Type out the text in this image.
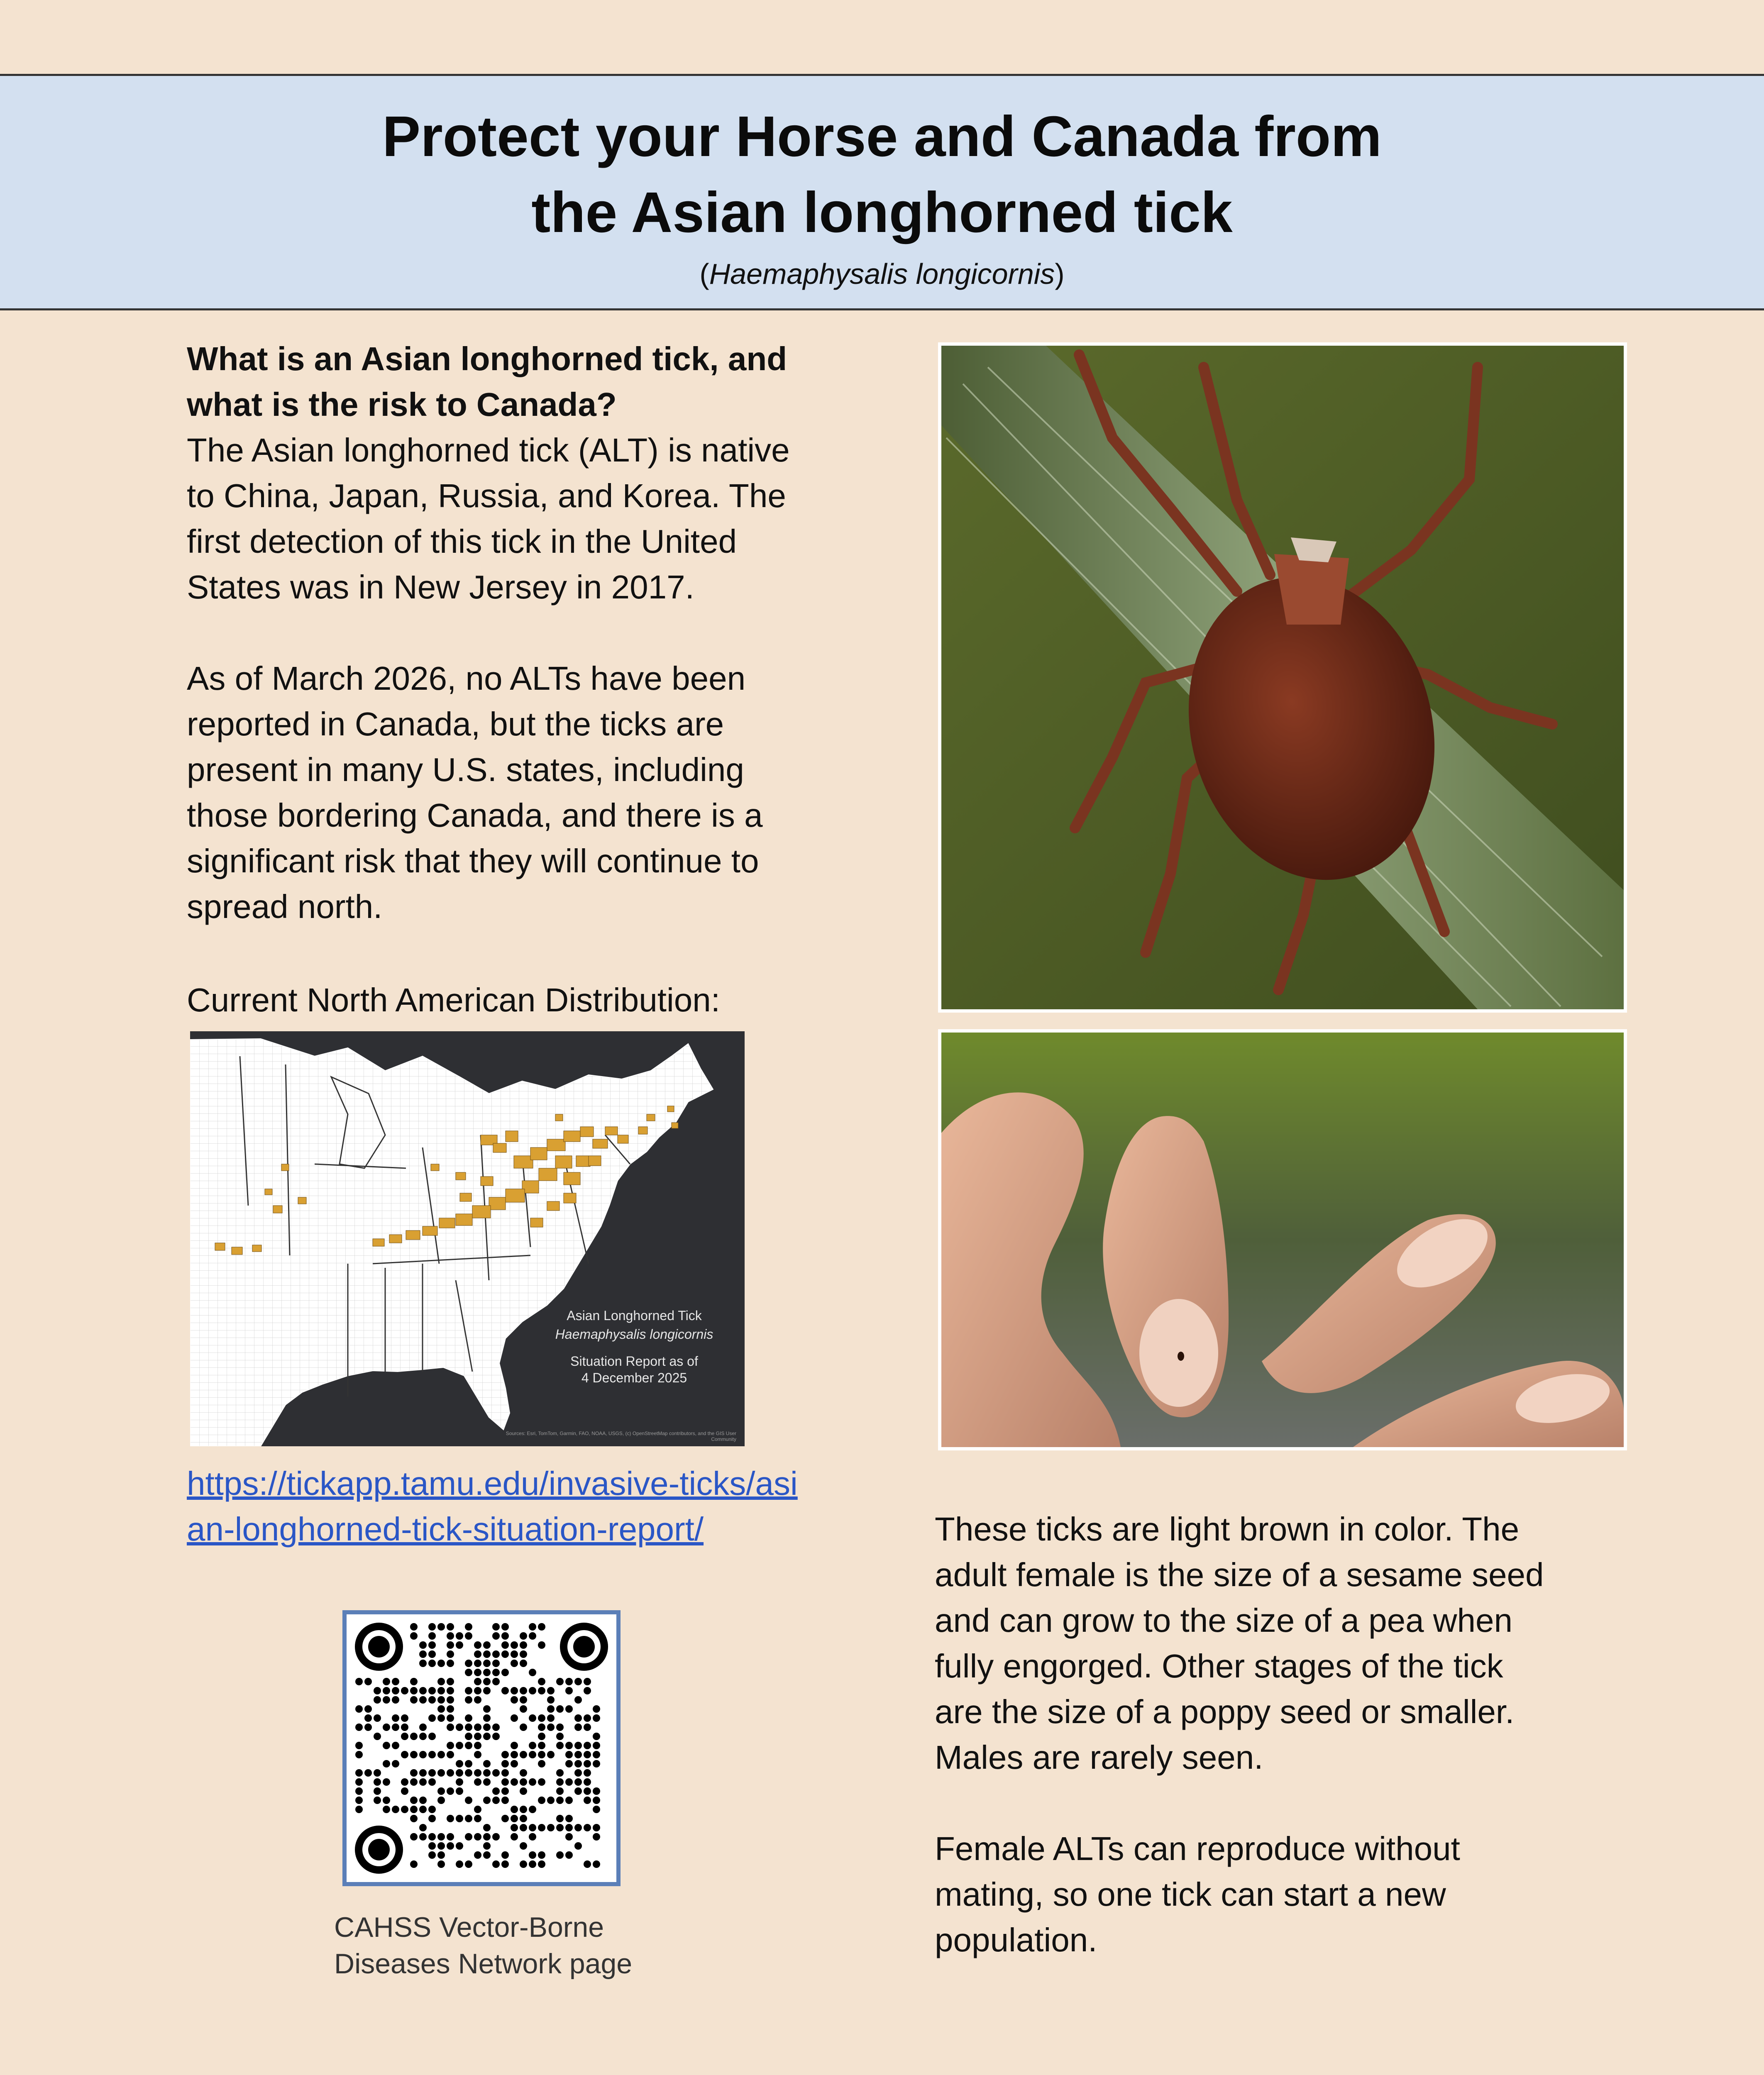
Protect your Horse and Canada from
the Asian longhorned tick
(Haemaphysalis longicornis)

What is an Asian longhorned tick, and

what is the risk to Canada?

The Asian longhorned tick (ALT) is native

to China, Japan, Russia, and Korea. The

first detection of this tick in the United

States was in New Jersey in 2017.

As of March 2026, no ALTs have been

reported in Canada, but the ticks are

present in many U.S. states, including

those bordering Canada, and there is a

significant risk that they will continue to

spread north.

Current North American Distribution:
Asian Longhorned Tick
Haemaphysalis longicornis
Situation Report as of
4 December 2025
Sources: Esri, TomTom, Garmin, FAO, NOAA, USGS, (c) OpenStreetMap contributors, and the GIS User Community
https://tickapp.tamu.edu/invasive-ticks/asi
an-longhorned-tick-situation-report/
CAHSS Vector-Borne
Diseases Network page

These ticks are light brown in color. The

adult female is the size of a sesame seed

and can grow to the size of a pea when

fully engorged. Other stages of the tick

are the size of a poppy seed or smaller.

Males are rarely seen.

Female ALTs can reproduce without

mating, so one tick can start a new

population.
